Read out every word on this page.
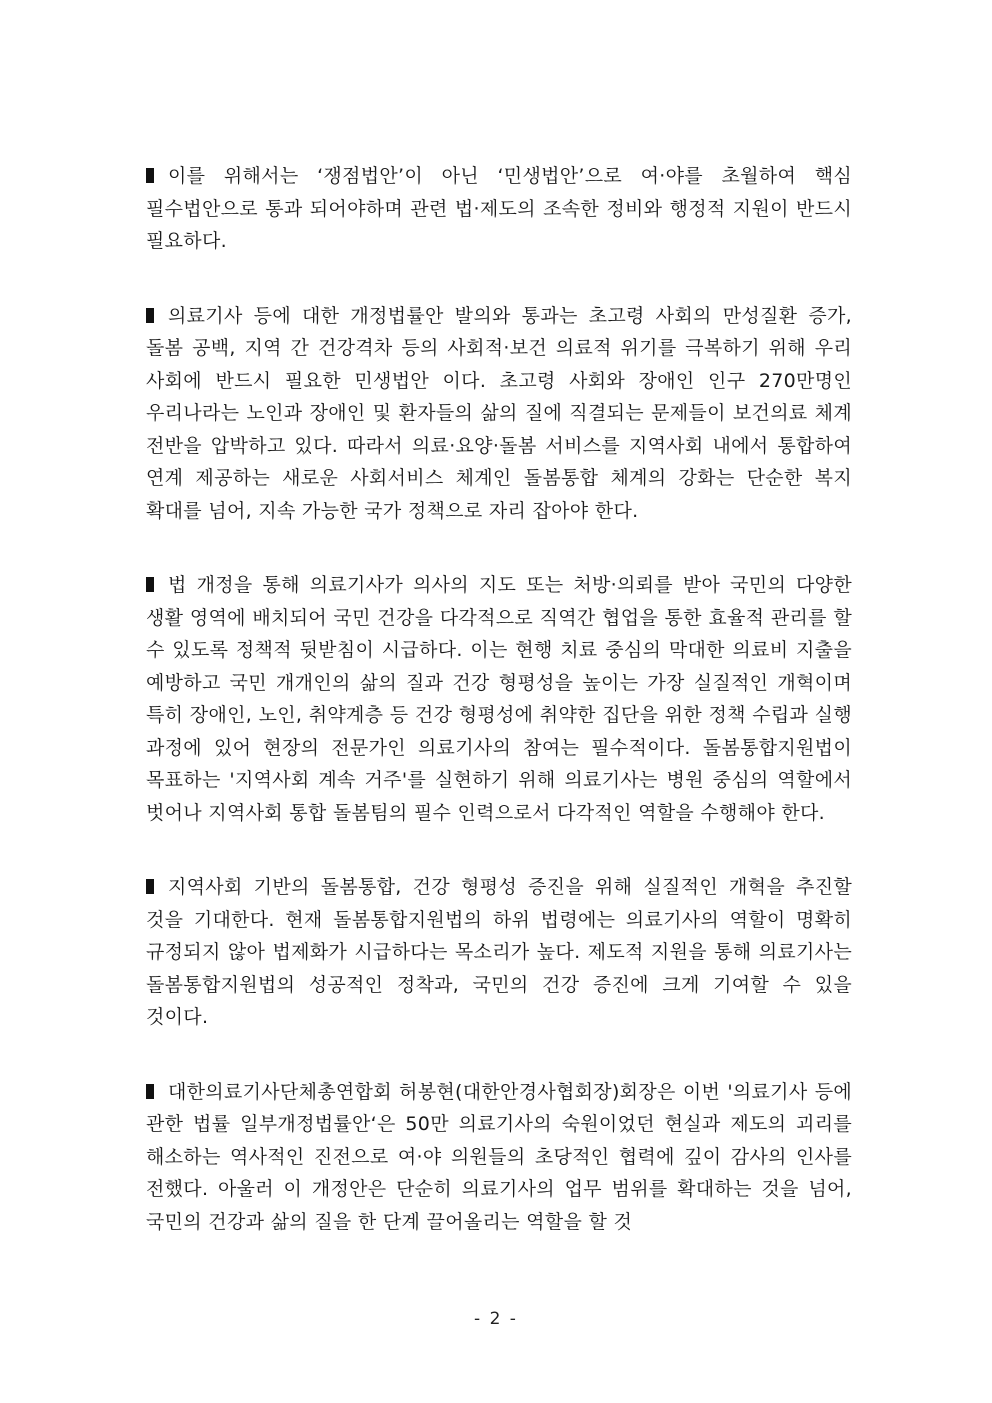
이를 위해서는 ‘쟁점법안’이 아닌 ‘민생법안’으로 여·야를 초월하여 핵심 필수법안으로 통과 되어야하며 관련 법·제도의 조속한 정비와 행정적 지원이 반드시 필요하다.

의료기사 등에 대한 개정법률안 발의와 통과는 초고령 사회의 만성질환 증가, 돌봄 공백, 지역 간 건강격차 등의 사회적·보건 의료적 위기를 극복하기 위해 우리 사회에 반드시 필요한 민생법안 이다. 초고령 사회와 장애인 인구 270만명인 우리나라는 노인과 장애인 및 환자들의 삶의 질에 직결되는 문제들이 보건의료 체계 전반을 압박하고 있다. 따라서 의료·요양·돌봄 서비스를 지역사회 내에서 통합하여 연계 제공하는 새로운 사회서비스 체계인 돌봄통합 체계의 강화는 단순한 복지 확대를 넘어, 지속 가능한 국가 정책으로 자리 잡아야 한다.

법 개정을 통해 의료기사가 의사의 지도 또는 처방·의뢰를 받아 국민의 다양한 생활 영역에 배치되어 국민 건강을 다각적으로 직역간 협업을 통한 효율적 관리를 할 수 있도록 정책적 뒷받침이 시급하다. 이는 현행 치료 중심의 막대한 의료비 지출을 예방하고 국민 개개인의 삶의 질과 건강 형평성을 높이는 가장 실질적인 개혁이며 특히 장애인, 노인, 취약계층 등 건강 형평성에 취약한 집단을 위한 정책 수립과 실행 과정에 있어 현장의 전문가인 의료기사의 참여는 필수적이다. 돌봄통합지원법이 목표하는 '지역사회 계속 거주'를 실현하기 위해 의료기사는 병원 중심의 역할에서 벗어나 지역사회 통합 돌봄팀의 필수 인력으로서 다각적인 역할을 수행해야 한다.

지역사회 기반의 돌봄통합, 건강 형평성 증진을 위해 실질적인 개혁을 추진할 것을 기대한다. 현재 돌봄통합지원법의 하위 법령에는 의료기사의 역할이 명확히 규정되지 않아 법제화가 시급하다는 목소리가 높다. 제도적 지원을 통해 의료기사는 돌봄통합지원법의 성공적인 정착과, 국민의 건강 증진에 크게 기여할 수 있을 것이다.

대한의료기사단체총연합회 허봉현(대한안경사협회장)회장은 이번 '의료기사 등에 관한 법률 일부개정법률안‘은 50만 의료기사의 숙원이었던 현실과 제도의 괴리를 해소하는 역사적인 진전으로 여·야 의원들의 초당적인 협력에 깊이 감사의 인사를 전했다. 아울러 이 개정안은 단순히 의료기사의 업무 범위를 확대하는 것을 넘어, 국민의 건강과 삶의 질을 한 단계 끌어올리는 역할을 할 것

- 2 -
